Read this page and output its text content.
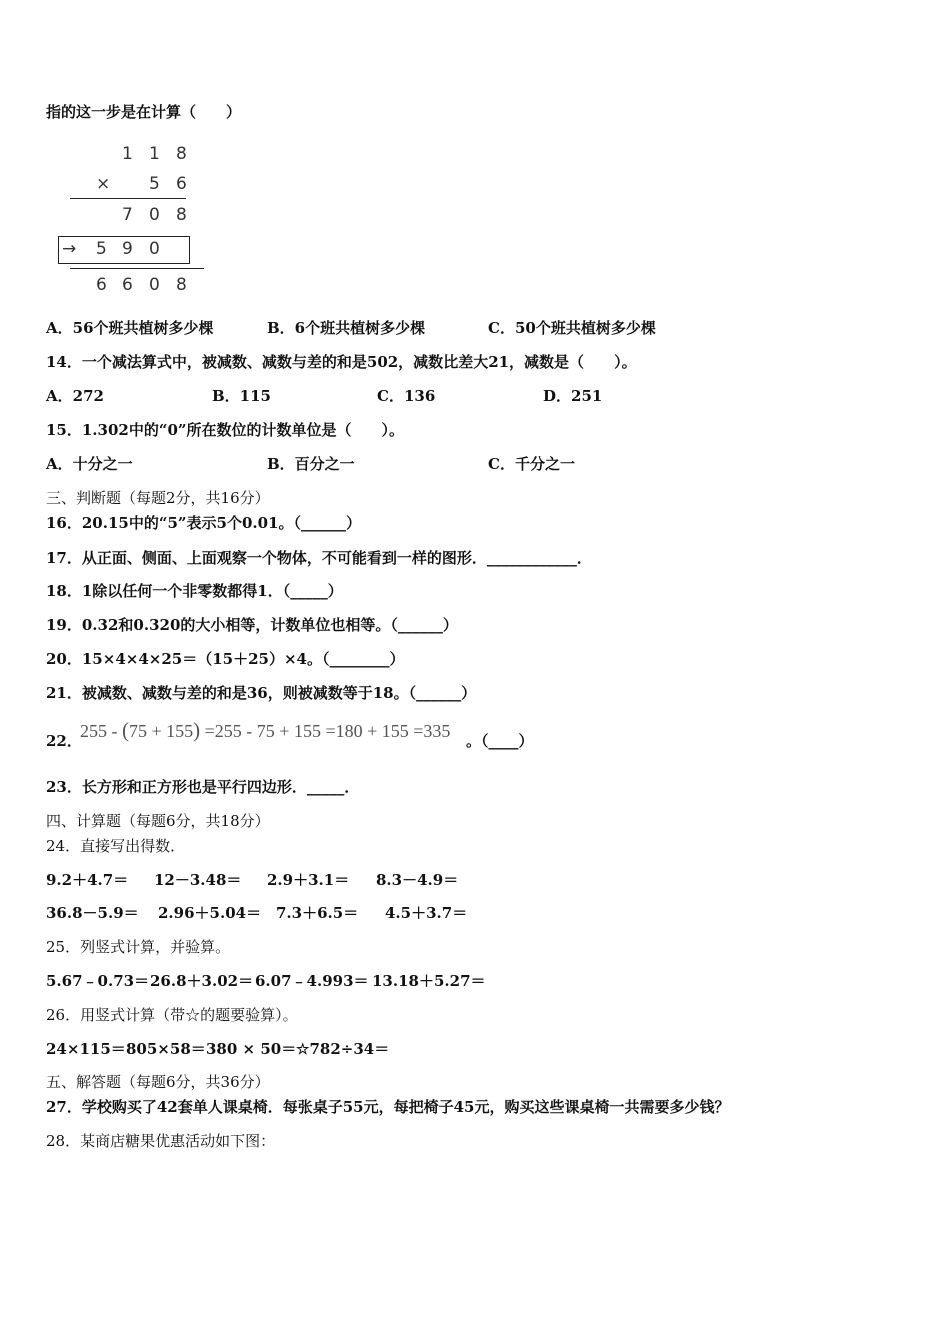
指的这一步是在计算（　　）
1 1 8
× 5 6
7 0 8
→ 5 9 0
6 6 0 8

A．56个班共植树多少棵

	B．6个班共植树多少棵

	C．50个班共植树多少棵

14．一个减法算式中，被减数、减数与差的和是502，减数比差大21，减数是（　　）。

A．272

	B．115

	C．136

	D．251

15．1.302中的“0”所在数位的计数单位是（　　）。

A．十分之一

	B．百分之一

	C．千分之一

三、判断题（每题2分，共16分）
16．20.15中的“5”表示5个0.01。（______）
17．从正面、侧面、上面观察一个物体，不可能看到一样的图形．____________．
18．1除以任何一个非零数都得1．（_____）
19．0.32和0.320的大小相等，计数单位也相等。（______）
20．15×4×4×25＝（15＋25）×4。（________）
21．被减数、减数与差的和是36，则被减数等于18。（______）
22．
255 - (75 + 155) =255 - 75 + 155 =180 + 155 =335 。（____）
23．长方形和正方形也是平行四边形．_____．
四、计算题（每题6分，共18分）
24．直接写出得数．

9.2＋4.7＝

12－3.48＝

2.9＋3.1＝

8.3－4.9＝

36.8－5.9＝

2.96＋5.04＝

7.3＋6.5＝

4.5＋3.7＝

25．列竖式计算，并验算。

5.67﹣0.73＝

26.8＋3.02＝

6.07﹣4.993＝

13.18＋5.27＝

26．用竖式计算（带☆的题要验算）。

24×115＝

805×58＝

380 × 50＝

☆782÷34＝

五、解答题（每题6分，共36分）
27．学校购买了42套单人课桌椅．每张桌子55元，每把椅子45元，购买这些课桌椅一共需要多少钱？
28．某商店糖果优惠活动如下图：
